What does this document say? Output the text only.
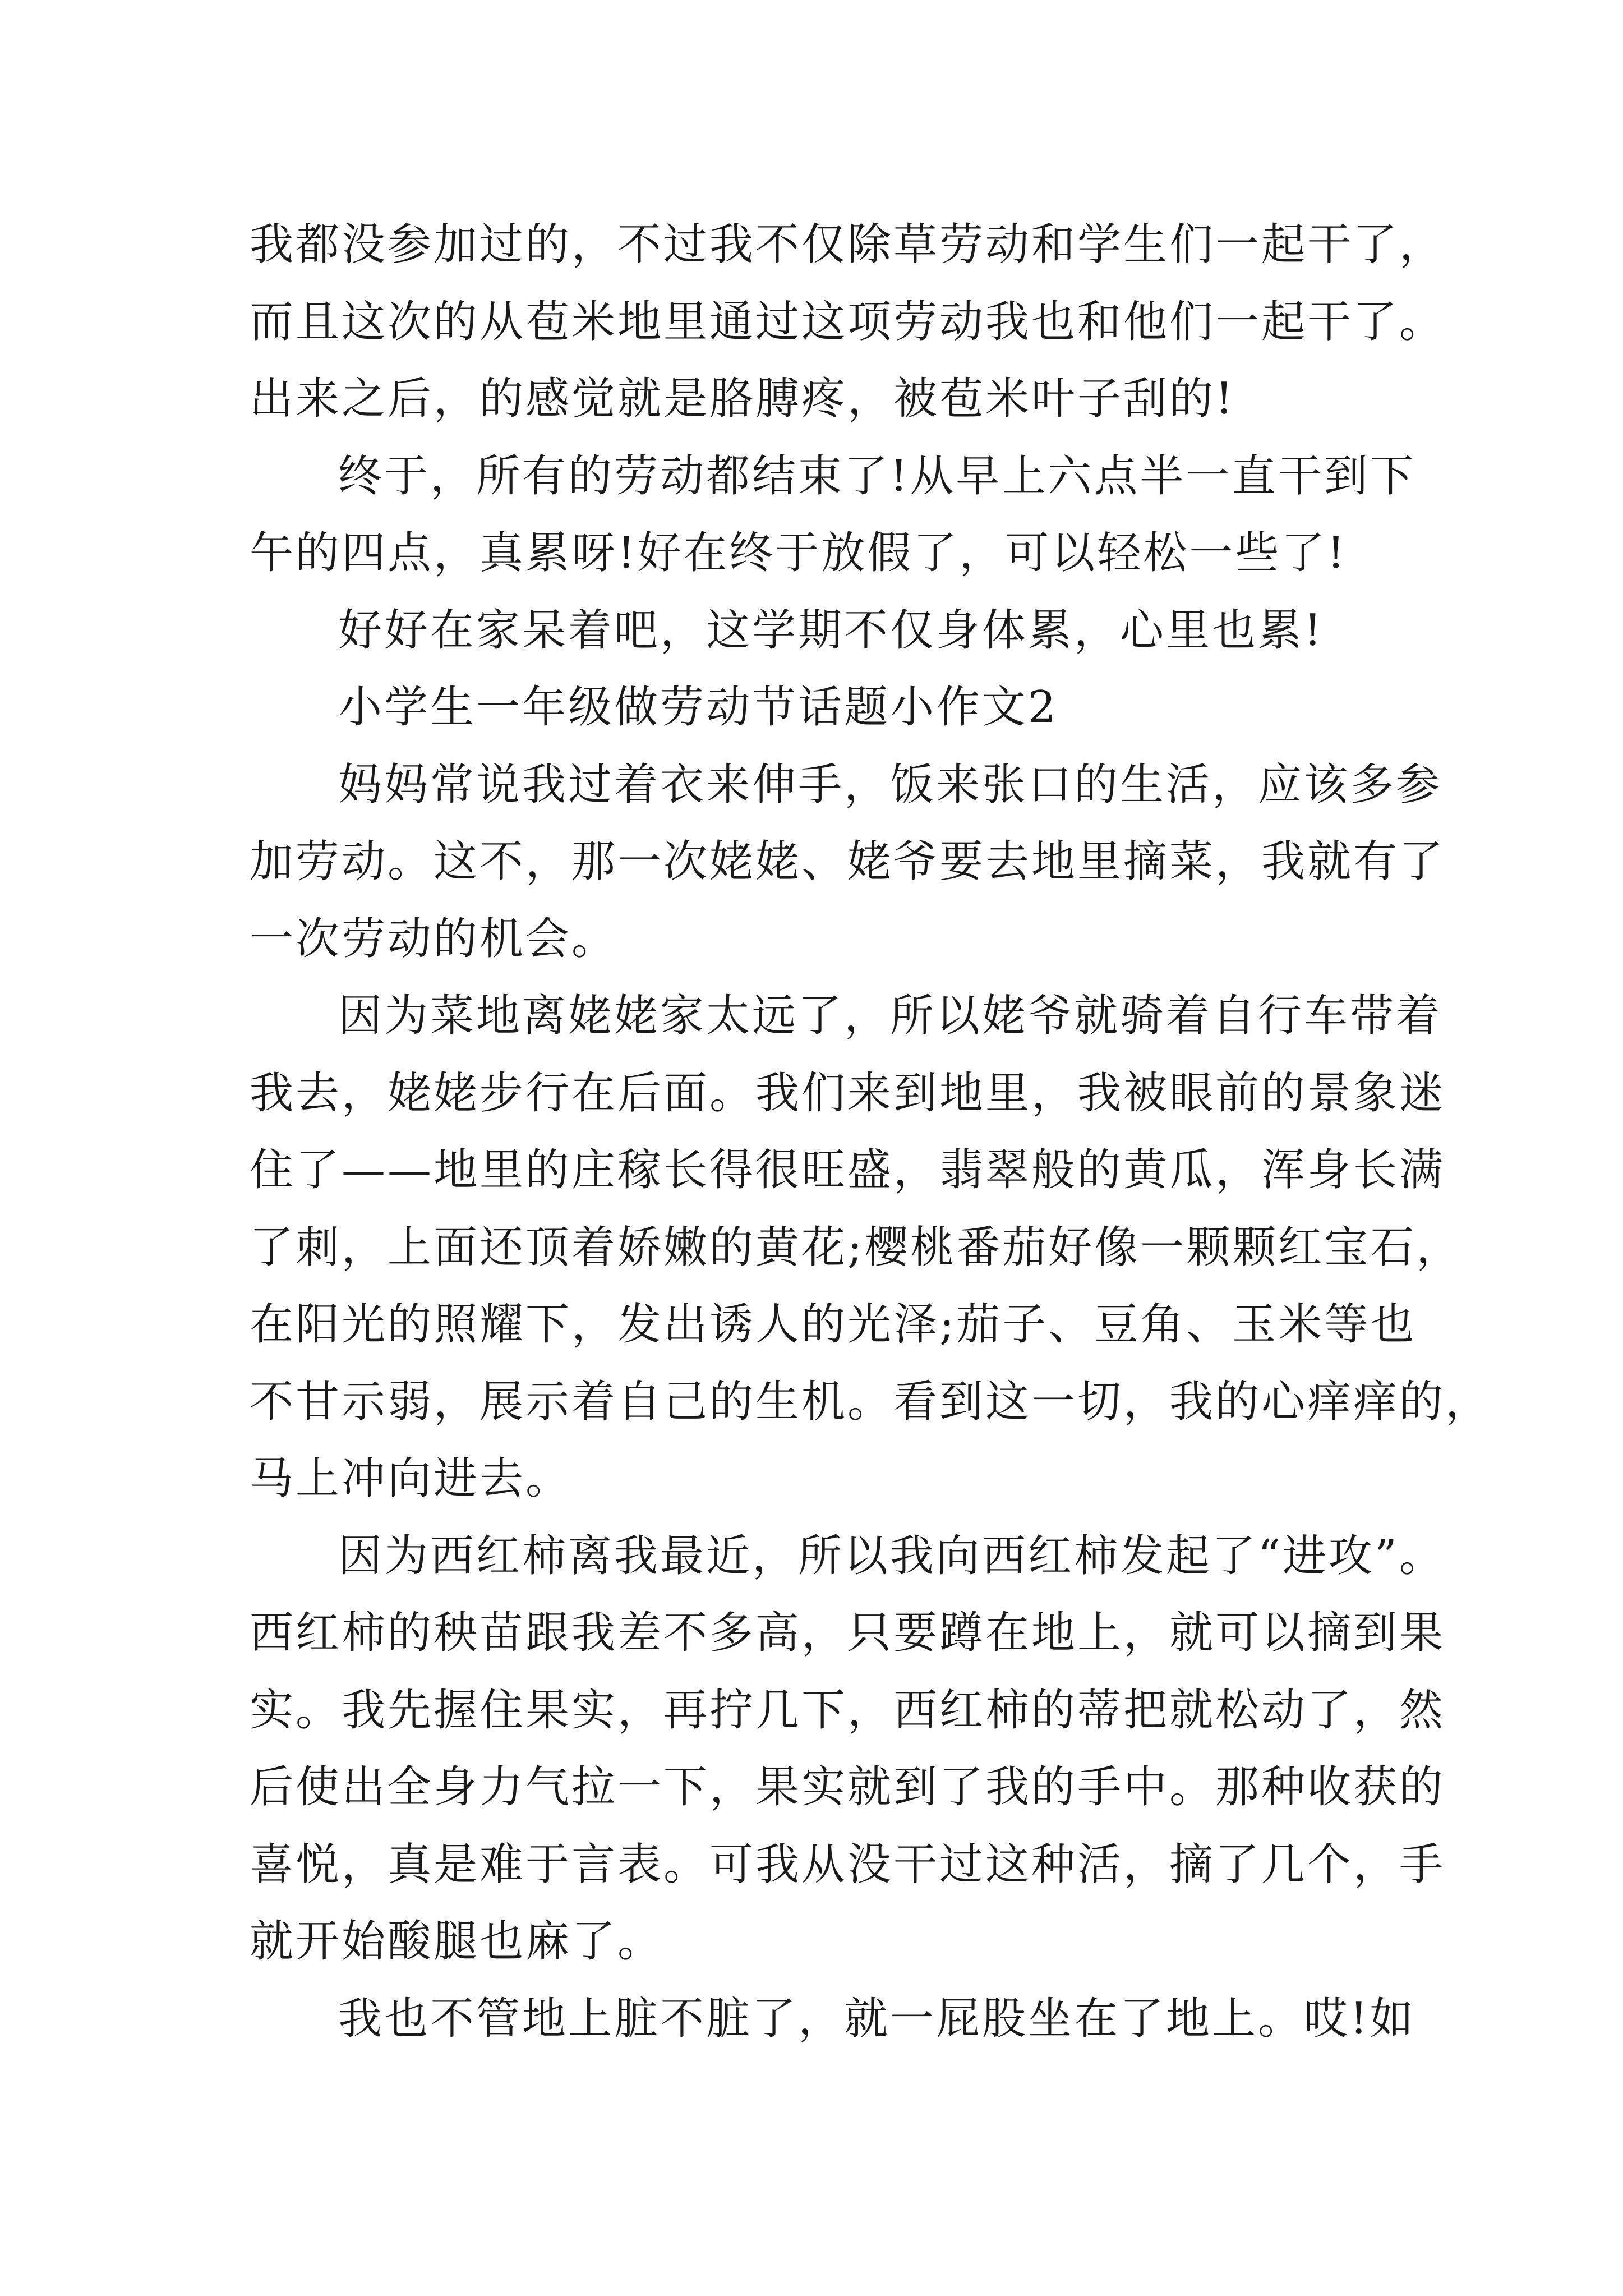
我都没参加过的，不过我不仅除草劳动和学生们一起干了，
而且这次的从苞米地里通过这项劳动我也和他们一起干了。
出来之后，的感觉就是胳膊疼，被苞米叶子刮的!
终于，所有的劳动都结束了!从早上六点半一直干到下
午的四点，真累呀!好在终于放假了，可以轻松一些了!
好好在家呆着吧，这学期不仅身体累，心里也累!
小学生一年级做劳动节话题小作文2
妈妈常说我过着衣来伸手，饭来张口的生活，应该多参
加劳动。这不，那一次姥姥、姥爷要去地里摘菜，我就有了
一次劳动的机会。
因为菜地离姥姥家太远了，所以姥爷就骑着自行车带着
我去，姥姥步行在后面。我们来到地里，我被眼前的景象迷
住了——地里的庄稼长得很旺盛，翡翠般的黄瓜，浑身长满
了刺，上面还顶着娇嫩的黄花;樱桃番茄好像一颗颗红宝石，
在阳光的照耀下，发出诱人的光泽;茄子、豆角、玉米等也
不甘示弱，展示着自己的生机。看到这一切，我的心痒痒的，
马上冲向进去。
因为西红柿离我最近，所以我向西红柿发起了“进攻”。
西红柿的秧苗跟我差不多高，只要蹲在地上，就可以摘到果
实。我先握住果实，再拧几下，西红柿的蒂把就松动了，然
后使出全身力气拉一下，果实就到了我的手中。那种收获的
喜悦，真是难于言表。可我从没干过这种活，摘了几个，手
就开始酸腿也麻了。
我也不管地上脏不脏了，就一屁股坐在了地上。哎!如
